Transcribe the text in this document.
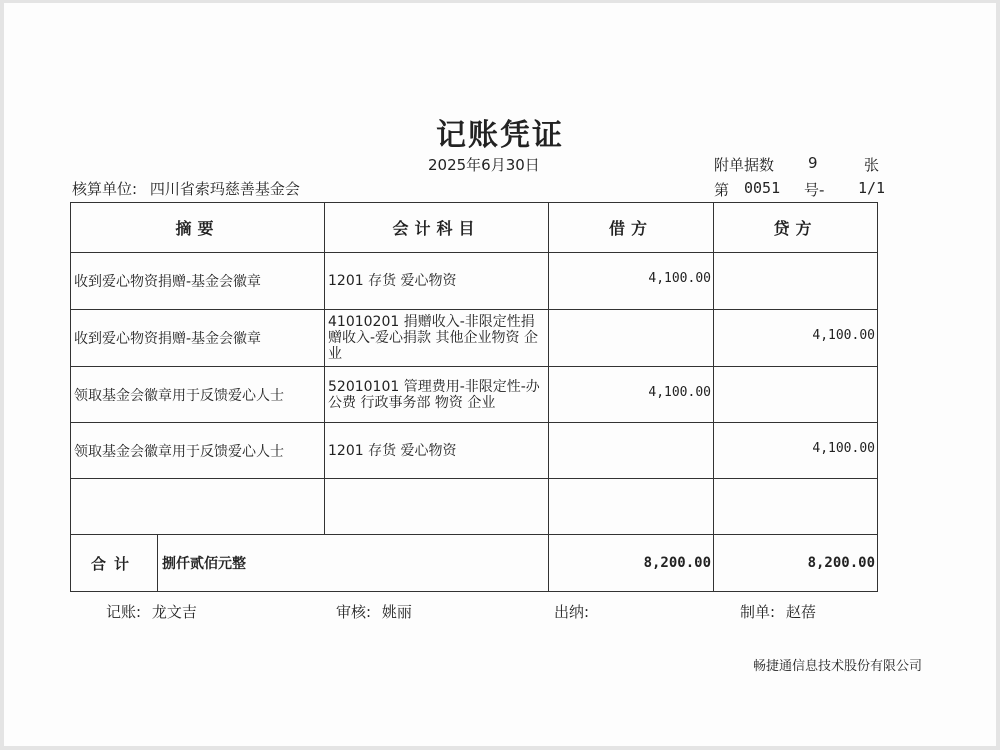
记账凭证
2025年6月30日
核算单位: 四川省索玛慈善基金会
附单据数 9	张
第 0051 号- 1/1
摘要		会计科目	借方	贷方
收到爱心物资捐赠-基金会徽章		1201 存货 爱心物资	4,100.00	
收到爱心物资捐赠-基金会徽章		41010201 捐赠收入-非限定性捐赠收入-爱心捐款 其他企业物资 企业		4,100.00
领取基金会徽章用于反馈爱心人士		52010101 管理费用-非限定性-办公费 行政事务部 物资 企业	4,100.00	
领取基金会徽章用于反馈爱心人士		1201 存货 爱心物资		4,100.00

合计	捌仟贰佰元整		8,200.00	8,200.00
记账: 龙文吉	审核: 姚丽	出纳:	制单: 赵蓓
畅捷通信息技术股份有限公司
